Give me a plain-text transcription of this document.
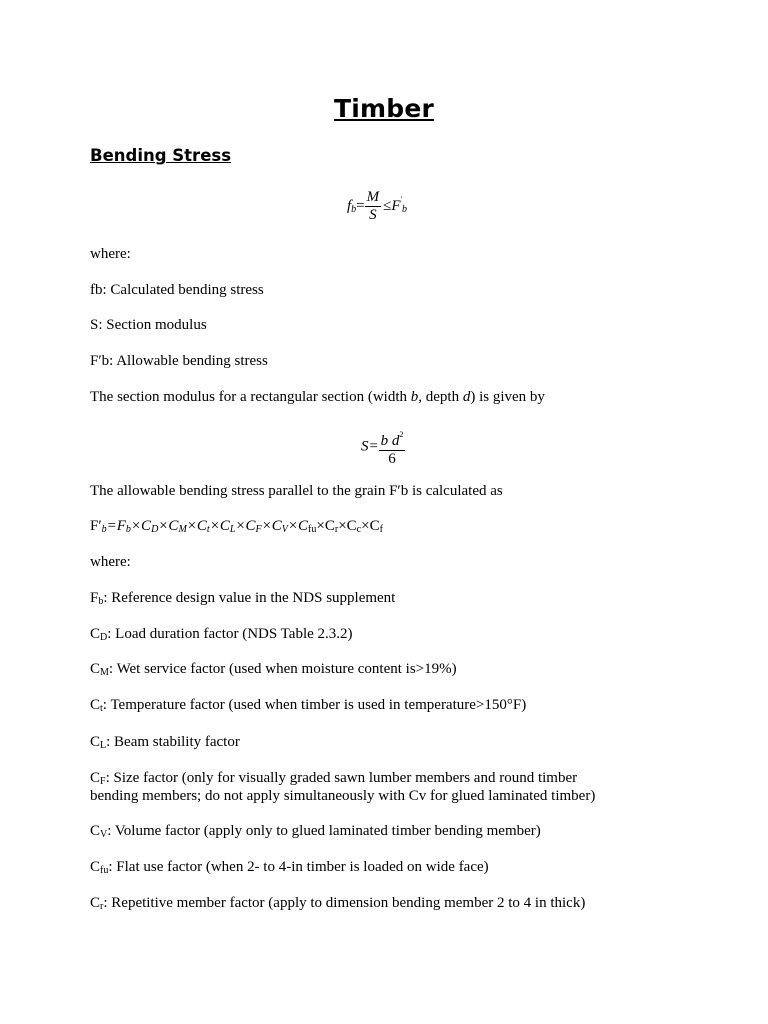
Timber
Bending Stress
$fb= \frac{M}{S} \le F'b$
where:
fb: Calculated bending stress
S: Section modulus
F′b: Allowable bending stress
The section modulus for a rectangular section (width b, depth d) is given by
$S= \frac{b d^2}{6}$
The allowable bending stress parallel to the grain F′b is calculated as
F′b=Fb×CD×CM×Ct×CL×CF×CV×Cfu×Cr×Cc×Cf
where:
Fb: Reference design value in the NDS supplement
CD: Load duration factor (NDS Table 2.3.2)
CM: Wet service factor (used when moisture content is>19%)
Ct: Temperature factor (used when timber is used in temperature>150°F)
CL: Beam stability factor
CF: Size factor (only for visually graded sawn lumber members and round timber
bending members; do not apply simultaneously with Cv for glued laminated timber)
CV: Volume factor (apply only to glued laminated timber bending member)
Cfu: Flat use factor (when 2- to 4-in timber is loaded on wide face)
Cr: Repetitive member factor (apply to dimension bending member 2 to 4 in thick)
